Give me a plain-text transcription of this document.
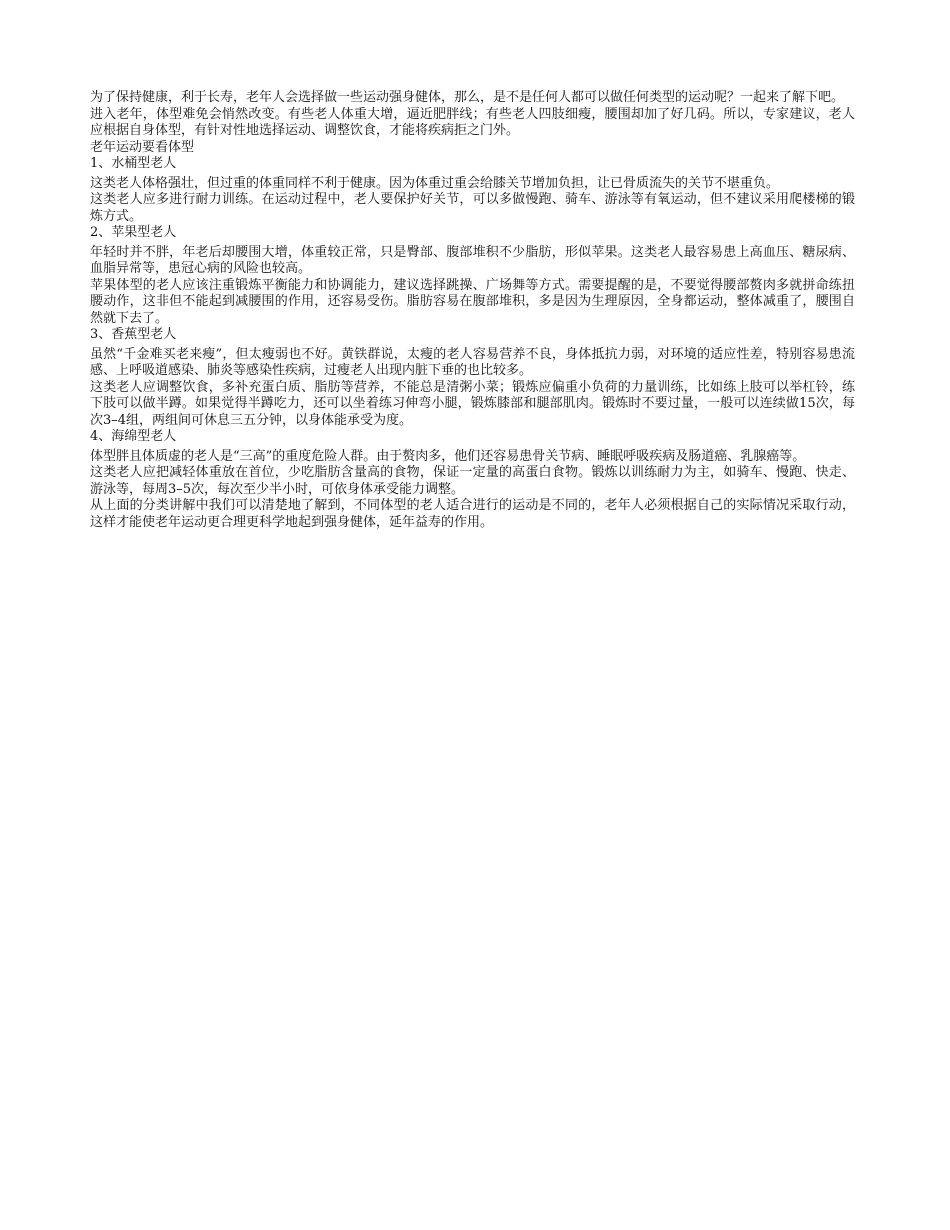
为了保持健康，利于长寿，老年人会选择做一些运动强身健体，那么，是不是任何人都可以做任何类型的运动呢？一起来了解下吧。

进入老年，体型难免会悄然改变。有些老人体重大增，逼近肥胖线；有些老人四肢细瘦，腰围却加了好几码。所以，专家建议，老人应根据自身体型，有针对性地选择运动、调整饮食，才能将疾病拒之门外。

老年运动要看体型

1、水桶型老人

这类老人体格强壮，但过重的体重同样不利于健康。因为体重过重会给膝关节增加负担，让已骨质流失的关节不堪重负。

这类老人应多进行耐力训练。在运动过程中，老人要保护好关节，可以多做慢跑、骑车、游泳等有氧运动，但不建议采用爬楼梯的锻炼方式。

2、苹果型老人

年轻时并不胖，年老后却腰围大增，体重较正常，只是臀部、腹部堆积不少脂肪，形似苹果。这类老人最容易患上高血压、糖尿病、血脂异常等，患冠心病的风险也较高。

苹果体型的老人应该注重锻炼平衡能力和协调能力，建议选择跳操、广场舞等方式。需要提醒的是，不要觉得腰部赘肉多就拼命练扭腰动作，这非但不能起到减腰围的作用，还容易受伤。脂肪容易在腹部堆积，多是因为生理原因，全身都运动，整体减重了，腰围自然就下去了。

3、香蕉型老人

虽然“千金难买老来瘦”，但太瘦弱也不好。黄铁群说，太瘦的老人容易营养不良，身体抵抗力弱，对环境的适应性差，特别容易患流感、上呼吸道感染、肺炎等感染性疾病，过瘦老人出现内脏下垂的也比较多。

这类老人应调整饮食，多补充蛋白质、脂肪等营养，不能总是清粥小菜；锻炼应偏重小负荷的力量训练，比如练上肢可以举杠铃，练下肢可以做半蹲。如果觉得半蹲吃力，还可以坐着练习伸弯小腿，锻炼膝部和腿部肌肉。锻炼时不要过量，一般可以连续做15次，每次3–4组，两组间可休息三五分钟，以身体能承受为度。

4、海绵型老人

体型胖且体质虚的老人是“三高”的重度危险人群。由于赘肉多，他们还容易患骨关节病、睡眠呼吸疾病及肠道癌、乳腺癌等。

这类老人应把减轻体重放在首位，少吃脂肪含量高的食物，保证一定量的高蛋白食物。锻炼以训练耐力为主，如骑车、慢跑、快走、游泳等，每周3–5次，每次至少半小时，可依身体承受能力调整。

从上面的分类讲解中我们可以清楚地了解到，不同体型的老人适合进行的运动是不同的，老年人必须根据自己的实际情况采取行动，这样才能使老年运动更合理更科学地起到强身健体，延年益寿的作用。
